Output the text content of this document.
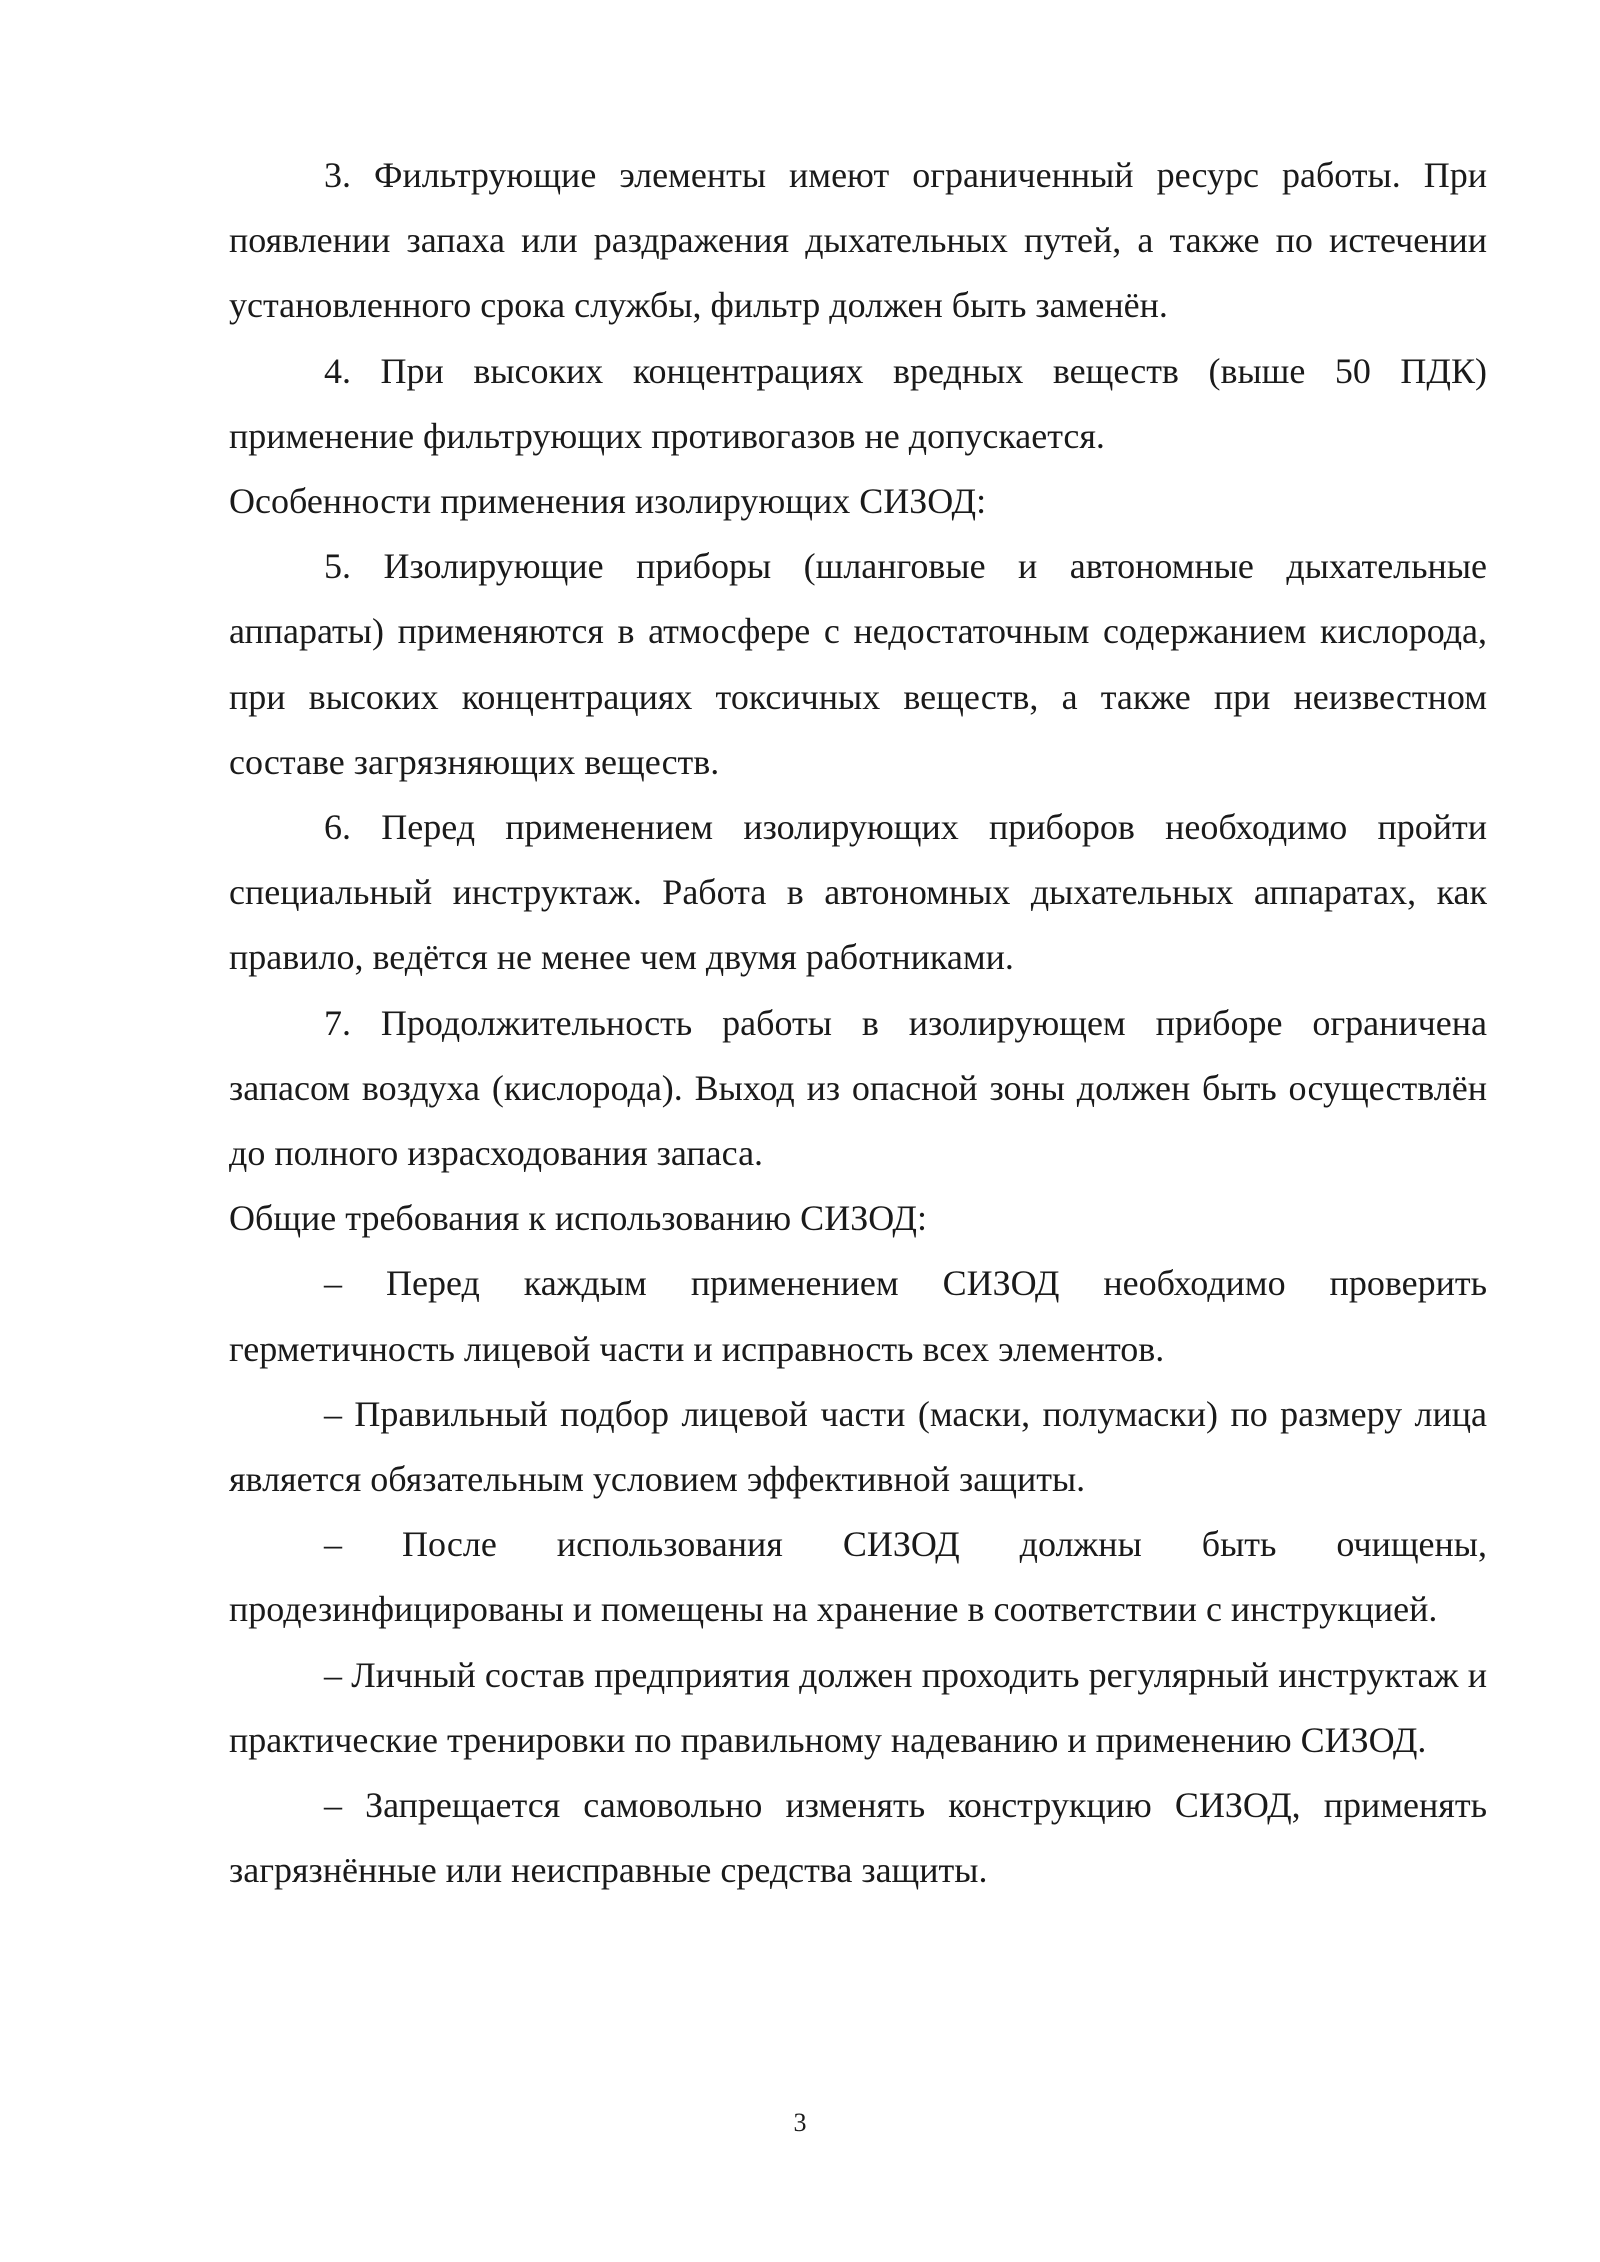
3. Фильтрующие элементы имеют ограниченный ресурс работы. При появлении запаха или раздражения дыхательных путей, а также по истечении установленного срока службы, фильтр должен быть заменён.

4. При высоких концентрациях вредных веществ (выше 50 ПДК) применение фильтрующих противогазов не допускается.

Особенности применения изолирующих СИЗОД:

5. Изолирующие приборы (шланговые и автономные дыхательные аппараты) применяются в атмосфере с недостаточным содержанием кислорода, при высоких концентрациях токсичных веществ, а также при неизвестном составе загрязняющих веществ.

6. Перед применением изолирующих приборов необходимо пройти специальный инструктаж. Работа в автономных дыхательных аппаратах, как правило, ведётся не менее чем двумя работниками.

7. Продолжительность работы в изолирующем приборе ограничена запасом воздуха (кислорода). Выход из опасной зоны должен быть осуществлён до полного израсходования запаса.

Общие требования к использованию СИЗОД:

– Перед каждым применением СИЗОД необходимо проверить герметичность лицевой части и исправность всех элементов.

– Правильный подбор лицевой части (маски, полумаски) по размеру лица является обязательным условием эффективной защиты.

– После использования СИЗОД должны быть очищены, продезинфицированы и помещены на хранение в соответствии с инструкцией.

– Личный состав предприятия должен проходить регулярный инструктаж и практические тренировки по правильному надеванию и применению СИЗОД.

– Запрещается самовольно изменять конструкцию СИЗОД, применять загрязнённые или неисправные средства защиты.

3
